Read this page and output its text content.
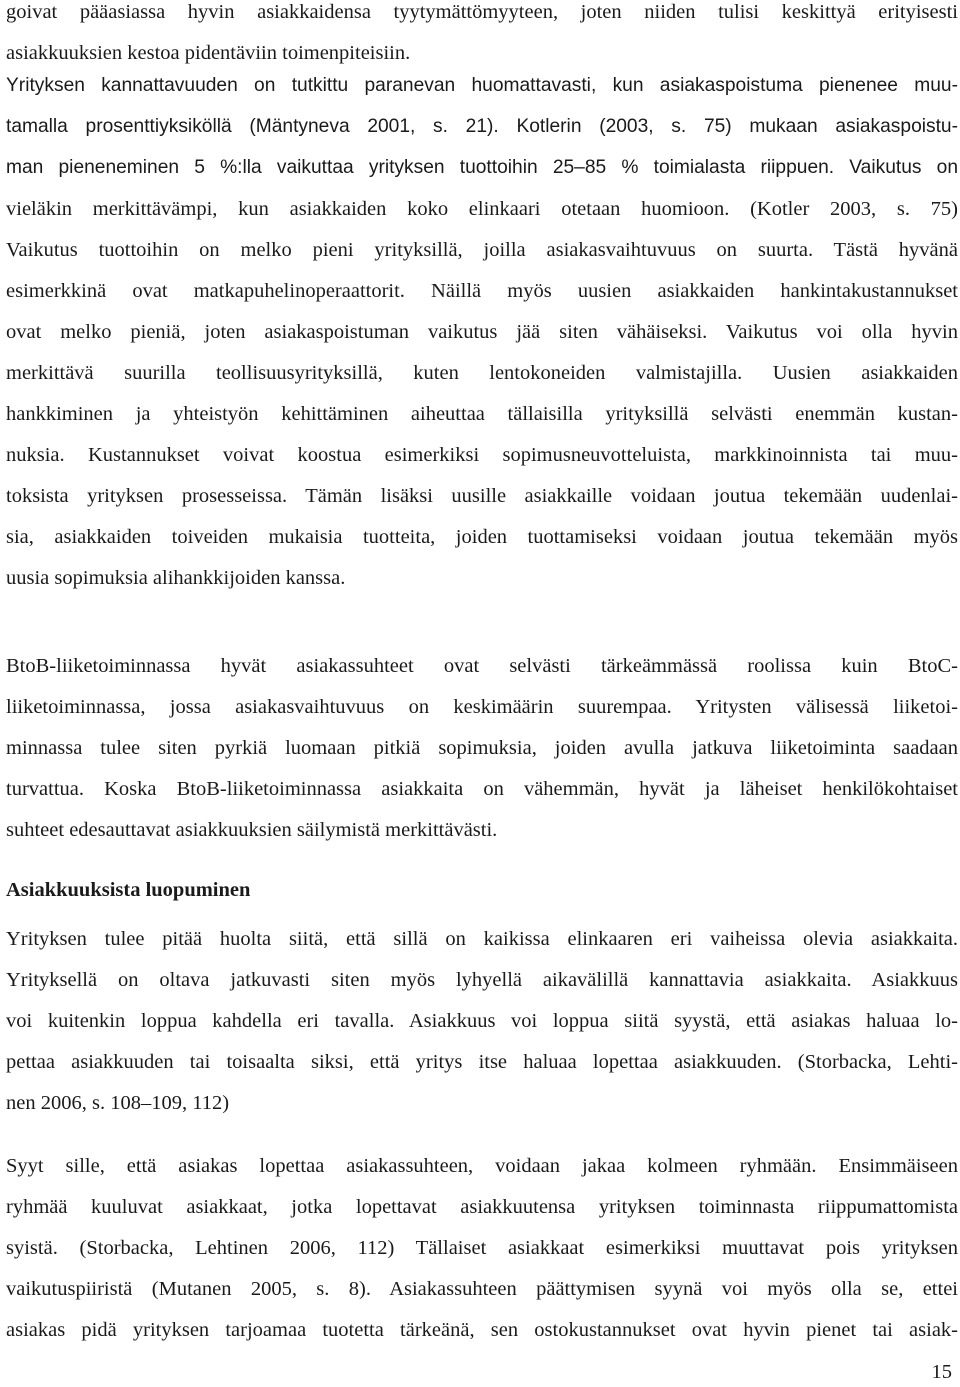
goivat pääasiassa hyvin asiakkaidensa tyytymättömyyteen, joten niiden tulisi keskittyä erityisesti
asiakkuuksien kestoa pidentäviin toimenpiteisiin.
Yrityksen kannattavuuden on tutkittu paranevan huomattavasti, kun asiakaspoistuma pienenee muu-
tamalla prosenttiyksiköllä (Mäntyneva 2001, s. 21). Kotlerin (2003, s. 75) mukaan asiakaspoistu-
man pieneneminen 5 %:lla vaikuttaa yrityksen tuottoihin 25–85 % toimialasta riippuen. Vaikutus on
vieläkin merkittävämpi, kun asiakkaiden koko elinkaari otetaan huomioon. (Kotler 2003, s. 75)
Vaikutus tuottoihin on melko pieni yrityksillä, joilla asiakasvaihtuvuus on suurta. Tästä hyvänä
esimerkkinä ovat matkapuhelinoperaattorit. Näillä myös uusien asiakkaiden hankintakustannukset
ovat melko pieniä, joten asiakaspoistuman vaikutus jää siten vähäiseksi. Vaikutus voi olla hyvin
merkittävä suurilla teollisuusyrityksillä, kuten lentokoneiden valmistajilla. Uusien asiakkaiden
hankkiminen ja yhteistyön kehittäminen aiheuttaa tällaisilla yrityksillä selvästi enemmän kustan-
nuksia. Kustannukset voivat koostua esimerkiksi sopimusneuvotteluista, markkinoinnista tai muu-
toksista yrityksen prosesseissa. Tämän lisäksi uusille asiakkaille voidaan joutua tekemään uudenlai-
sia, asiakkaiden toiveiden mukaisia tuotteita, joiden tuottamiseksi voidaan joutua tekemään myös
uusia sopimuksia alihankkijoiden kanssa.
BtoB-liiketoiminnassa hyvät asiakassuhteet ovat selvästi tärkeämmässä roolissa kuin BtoC-
liiketoiminnassa, jossa asiakasvaihtuvuus on keskimäärin suurempaa. Yritysten välisessä liiketoi-
minnassa tulee siten pyrkiä luomaan pitkiä sopimuksia, joiden avulla jatkuva liiketoiminta saadaan
turvattua. Koska BtoB-liiketoiminnassa asiakkaita on vähemmän, hyvät ja läheiset henkilökohtaiset
suhteet edesauttavat asiakkuuksien säilymistä merkittävästi.
Asiakkuuksista luopuminen
Yrityksen tulee pitää huolta siitä, että sillä on kaikissa elinkaaren eri vaiheissa olevia asiakkaita.
Yrityksellä on oltava jatkuvasti siten myös lyhyellä aikavälillä kannattavia asiakkaita. Asiakkuus
voi kuitenkin loppua kahdella eri tavalla. Asiakkuus voi loppua siitä syystä, että asiakas haluaa lo-
pettaa asiakkuuden tai toisaalta siksi, että yritys itse haluaa lopettaa asiakkuuden. (Storbacka, Lehti-
nen 2006, s. 108–109, 112)
Syyt sille, että asiakas lopettaa asiakassuhteen, voidaan jakaa kolmeen ryhmään. Ensimmäiseen
ryhmää kuuluvat asiakkaat, jotka lopettavat asiakkuutensa yrityksen toiminnasta riippumattomista
syistä. (Storbacka, Lehtinen 2006, 112) Tällaiset asiakkaat esimerkiksi muuttavat pois yrityksen
vaikutuspiiristä (Mutanen 2005, s. 8). Asiakassuhteen päättymisen syynä voi myös olla se, ettei
asiakas pidä yrityksen tarjoamaa tuotetta tärkeänä, sen ostokustannukset ovat hyvin pienet tai asiak-
15
